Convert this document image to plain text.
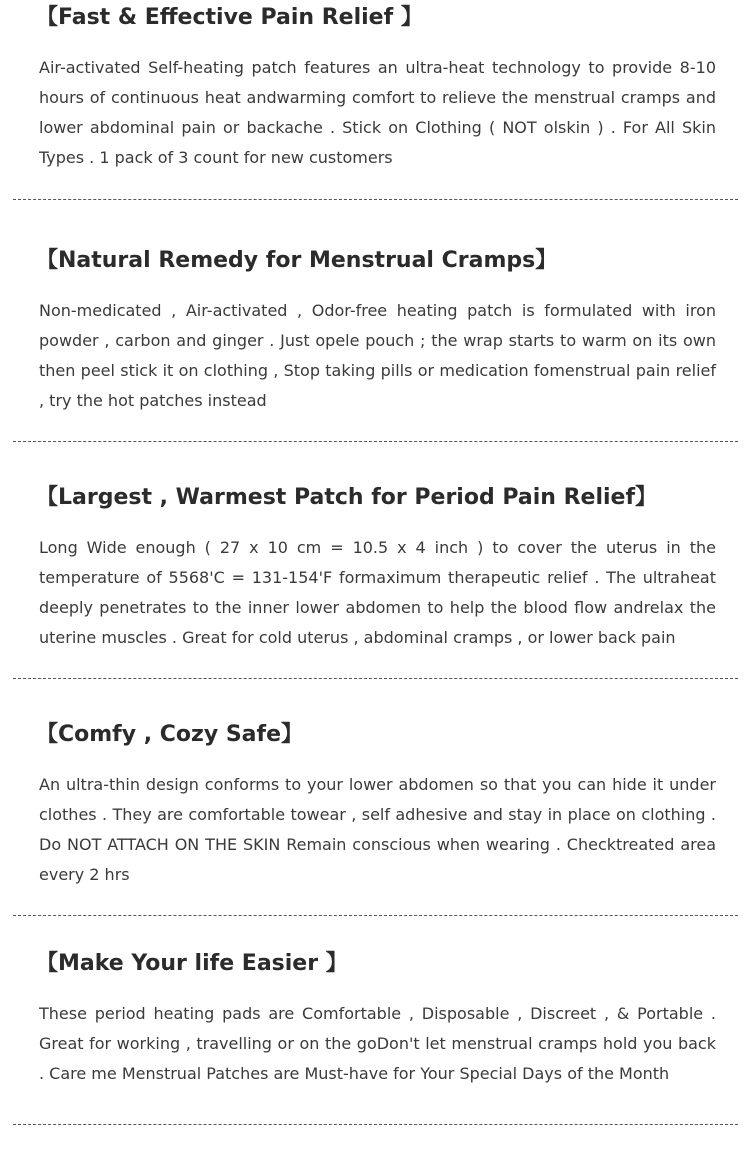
【Fast & Effective Pain Relief 】

Air-activated Self-heating patch features an ultra-heat technology to provide 8-10 hours of continuous heat andwarming comfort to relieve the menstrual cramps and lower abdominal pain or backache . Stick on Clothing ( NOT olskin ) . For All Skin Types . 1 pack of 3 count for new customers

【Natural Remedy for Menstrual Cramps】

Non-medicated , Air-activated , Odor-free heating patch is formulated with iron powder , carbon and ginger . Just opele pouch ; the wrap starts to warm on its own then peel stick it on clothing , Stop taking pills or medication fomenstrual pain relief , try the hot patches instead

【Largest , Warmest Patch for Period Pain Relief】

Long Wide enough ( 27 x 10 cm = 10.5 x 4 inch ) to cover the uterus in the temperature of 5568'C = 131-154'F formaximum therapeutic relief . The ultraheat deeply penetrates to the inner lower abdomen to help the blood flow andrelax the uterine muscles . Great for cold uterus , abdominal cramps , or lower back pain

【Comfy , Cozy Safe】

An ultra-thin design conforms to your lower abdomen so that you can hide it under clothes . They are comfortable towear , self adhesive and stay in place on clothing . Do NOT ATTACH ON THE SKIN Remain conscious when wearing . Checktreated area every 2 hrs

【Make Your life Easier 】

These period heating pads are Comfortable , Disposable , Discreet , & Portable . Great for working , travelling or on the goDon't let menstrual cramps hold you back . Care me Menstrual Patches are Must-have for Your Special Days of the Month
